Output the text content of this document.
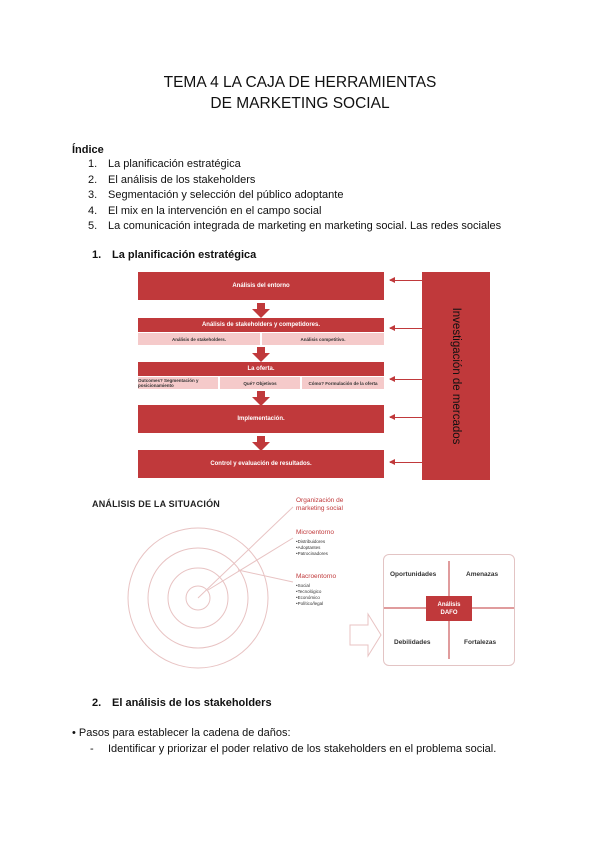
TEMA 4 LA CAJA DE HERRAMIENTAS
DE MARKETING SOCIAL
Índice
1. La planificación estratégica
2. El análisis de los stakeholders
3. Segmentación y selección del público adoptante
4. El mix en la intervención en el campo social
5. La comunicación integrada de marketing en marketing social. Las redes sociales
1. La planificación estratégica
Análisis del entorno
Análisis de stakeholders y competidores.
Análisis de stakeholders.	Análisis competitivo.
La oferta.
Outcomes? Segmentación y posicionamiento	Qué? Objetivos	Cómo? Formulación de la oferta
Implementación.
Control y evaluación de resultados.
Investigación de mercados
ANÁLISIS DE LA SITUACIÓN	Organización de marketing social
Microentorno
•Distribuidores
•Adoptantes
•Patrocinadores
Macroentorno
•Social
•Tecnológico
•Económico
•Político/legal
Oportunidades	Amenazas
Debilidades	Fortalezas
Análisis
DAFO
2. El análisis de los stakeholders
• Pasos para establecer la cadena de daños:
- Identificar y priorizar el poder relativo de los stakeholders en el problema social.
